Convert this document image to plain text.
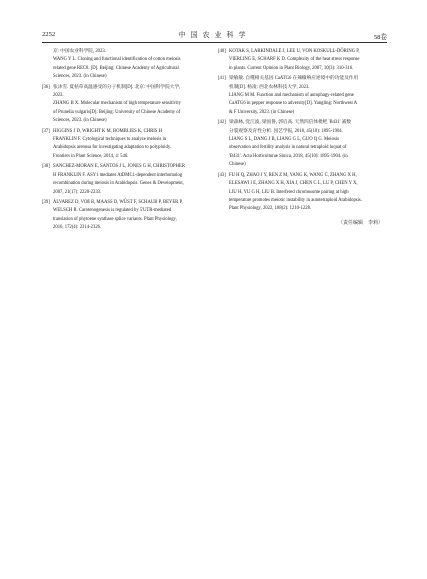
2252	中国农业科学	58卷
京: 中国农业科学院, 2023.
WANG Y L. Cloning and functional identification of cotton meiosis
related gene REC8. [D]. Beijing: Chinese Academy of Agricultural
Sciences, 2023. (in Chinese)
[36] 张沐雪. 夏枯草高温感受的分子机制[D]. 北京: 中国科学院大学,
2023.
ZHANG B X. Molecular mechanism of high temperature sensitivity
of Prunella vulgaris[D]. Beijing: University of Chinese Academy of
Sciences, 2023. (in Chinese)
[37] HIGGINS J D, WRIGHT K M, BOMBLIES K, CHRIS H
FRANKLIN F. Cytological techniques to analyze meiosis in
Arabidopsis arenosa for investigating adaptation to polyploidy.
Frontiers in Plant Science, 2014, 4: 546.
[38] SANCHEZ-MORAN E, SANTOS J L, JONES G H, CHRISTOPHER
H FRANKLIN F. ASY1 mediates AtDMC1-dependent interhomolog
recombination during meiosis in Arabidopsis. Genes & Development,
2007, 21(17): 2220-2233.
[39] ÁLVAREZ D, VOß B, MAASS D, WÜST F, SCHAUB P, BEYER P,
WELSCH R. Carotenogenesis is regulated by 5'UTR-mediated
translation of phytoene synthase splice variants. Plant Physiology,
2016, 172(4): 2314-2326.
[40] KOTAK S, LARKINDALE J, LEE U, VON KOSKULL-DÖRING P,
VIERLING E, SCHARF K D. Complexity of the heat stress response
in plants. Current Opinion in Plant Biology, 2007, 10(3): 310-316.
[41] 梁敏敏. 自噬相关基因 CaATG6 在辣椒响应逆境中的功能及作用
机制[D]. 杨凌: 西北农林科技大学, 2023.
LIANG M M. Function and mechanism of autophagy-related gene
CaATG6 in pepper response to adversity[D]. Yangling: Northwest A
& F University, 2023. (in Chinese)
[42] 梁森林, 党江波, 梁国鲁, 郭启高. 天然四倍体枇杷 'B431' 减数
分裂观察及育性分析. 园艺学报, 2018, 45(10): 1895-1904.
LIANG S L, DANG J B, LIANG G L, GUO Q G. Meiosis
observation and fertility analysis in natural tetraploid loquat of
'B431'. Acta Horticulturae Sinica, 2018, 45(10): 1895-1904. (in
Chinese)
[43] FU H Q, ZHAO J Y, REN Z M, YANG K, WANG C, ZHANG X H,
ELESAWI I E, ZHANG X H, XIA J, CHEN C L, LU P, CHEN Y X,
LIU H, YU G H, LIU B. Interfered chromosome pairing at high
temperature promotes meiotic instability in autotetraploid Arabidopsis.
Plant Physiology, 2022, 188(2): 1210-1228.
（责任编辑　李莉）
